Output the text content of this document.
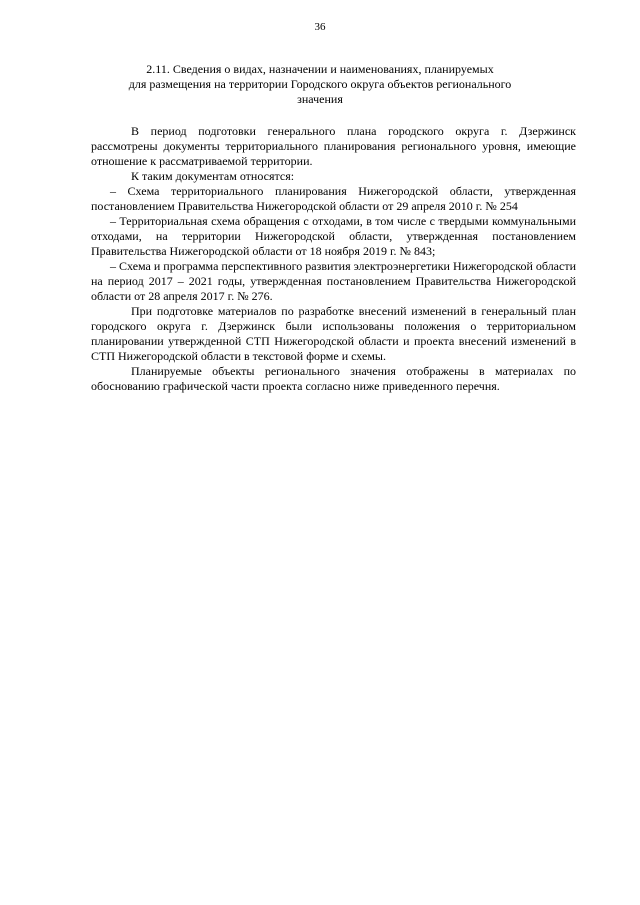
36
2.11. Сведения о видах, назначении и наименованиях, планируемых
для размещения на территории Городского округа объектов регионального
значения

В период подготовки генерального плана городского округа г. Дзержинск рассмотрены документы территориального планирования регионального уровня, имеющие отношение к рассматриваемой территории.

К таким документам относятся:

– Схема территориального планирования Нижегородской области, утвержденная постановлением Правительства Нижегородской области от 29 апреля 2010 г. № 254

– Территориальная схема обращения с отходами, в том числе с твердыми коммунальными отходами, на территории Нижегородской области, утвержденная постановлением Правительства Нижегородской области от 18 ноября 2019 г. № 843;

– Схема и программа перспективного развития электроэнергетики Нижегородской области на период 2017 – 2021 годы, утвержденная постановлением Правительства Нижегородской области от 28 апреля 2017 г. № 276.

При подготовке материалов по разработке внесений изменений в генеральный план городского округа г. Дзержинск были использованы положения о территориальном планировании утвержденной СТП Нижегородской области и проекта внесений изменений в СТП Нижегородской области в текстовой форме и схемы.

Планируемые объекты регионального значения отображены в материалах по обоснованию графической части проекта согласно ниже приведенного перечня.
